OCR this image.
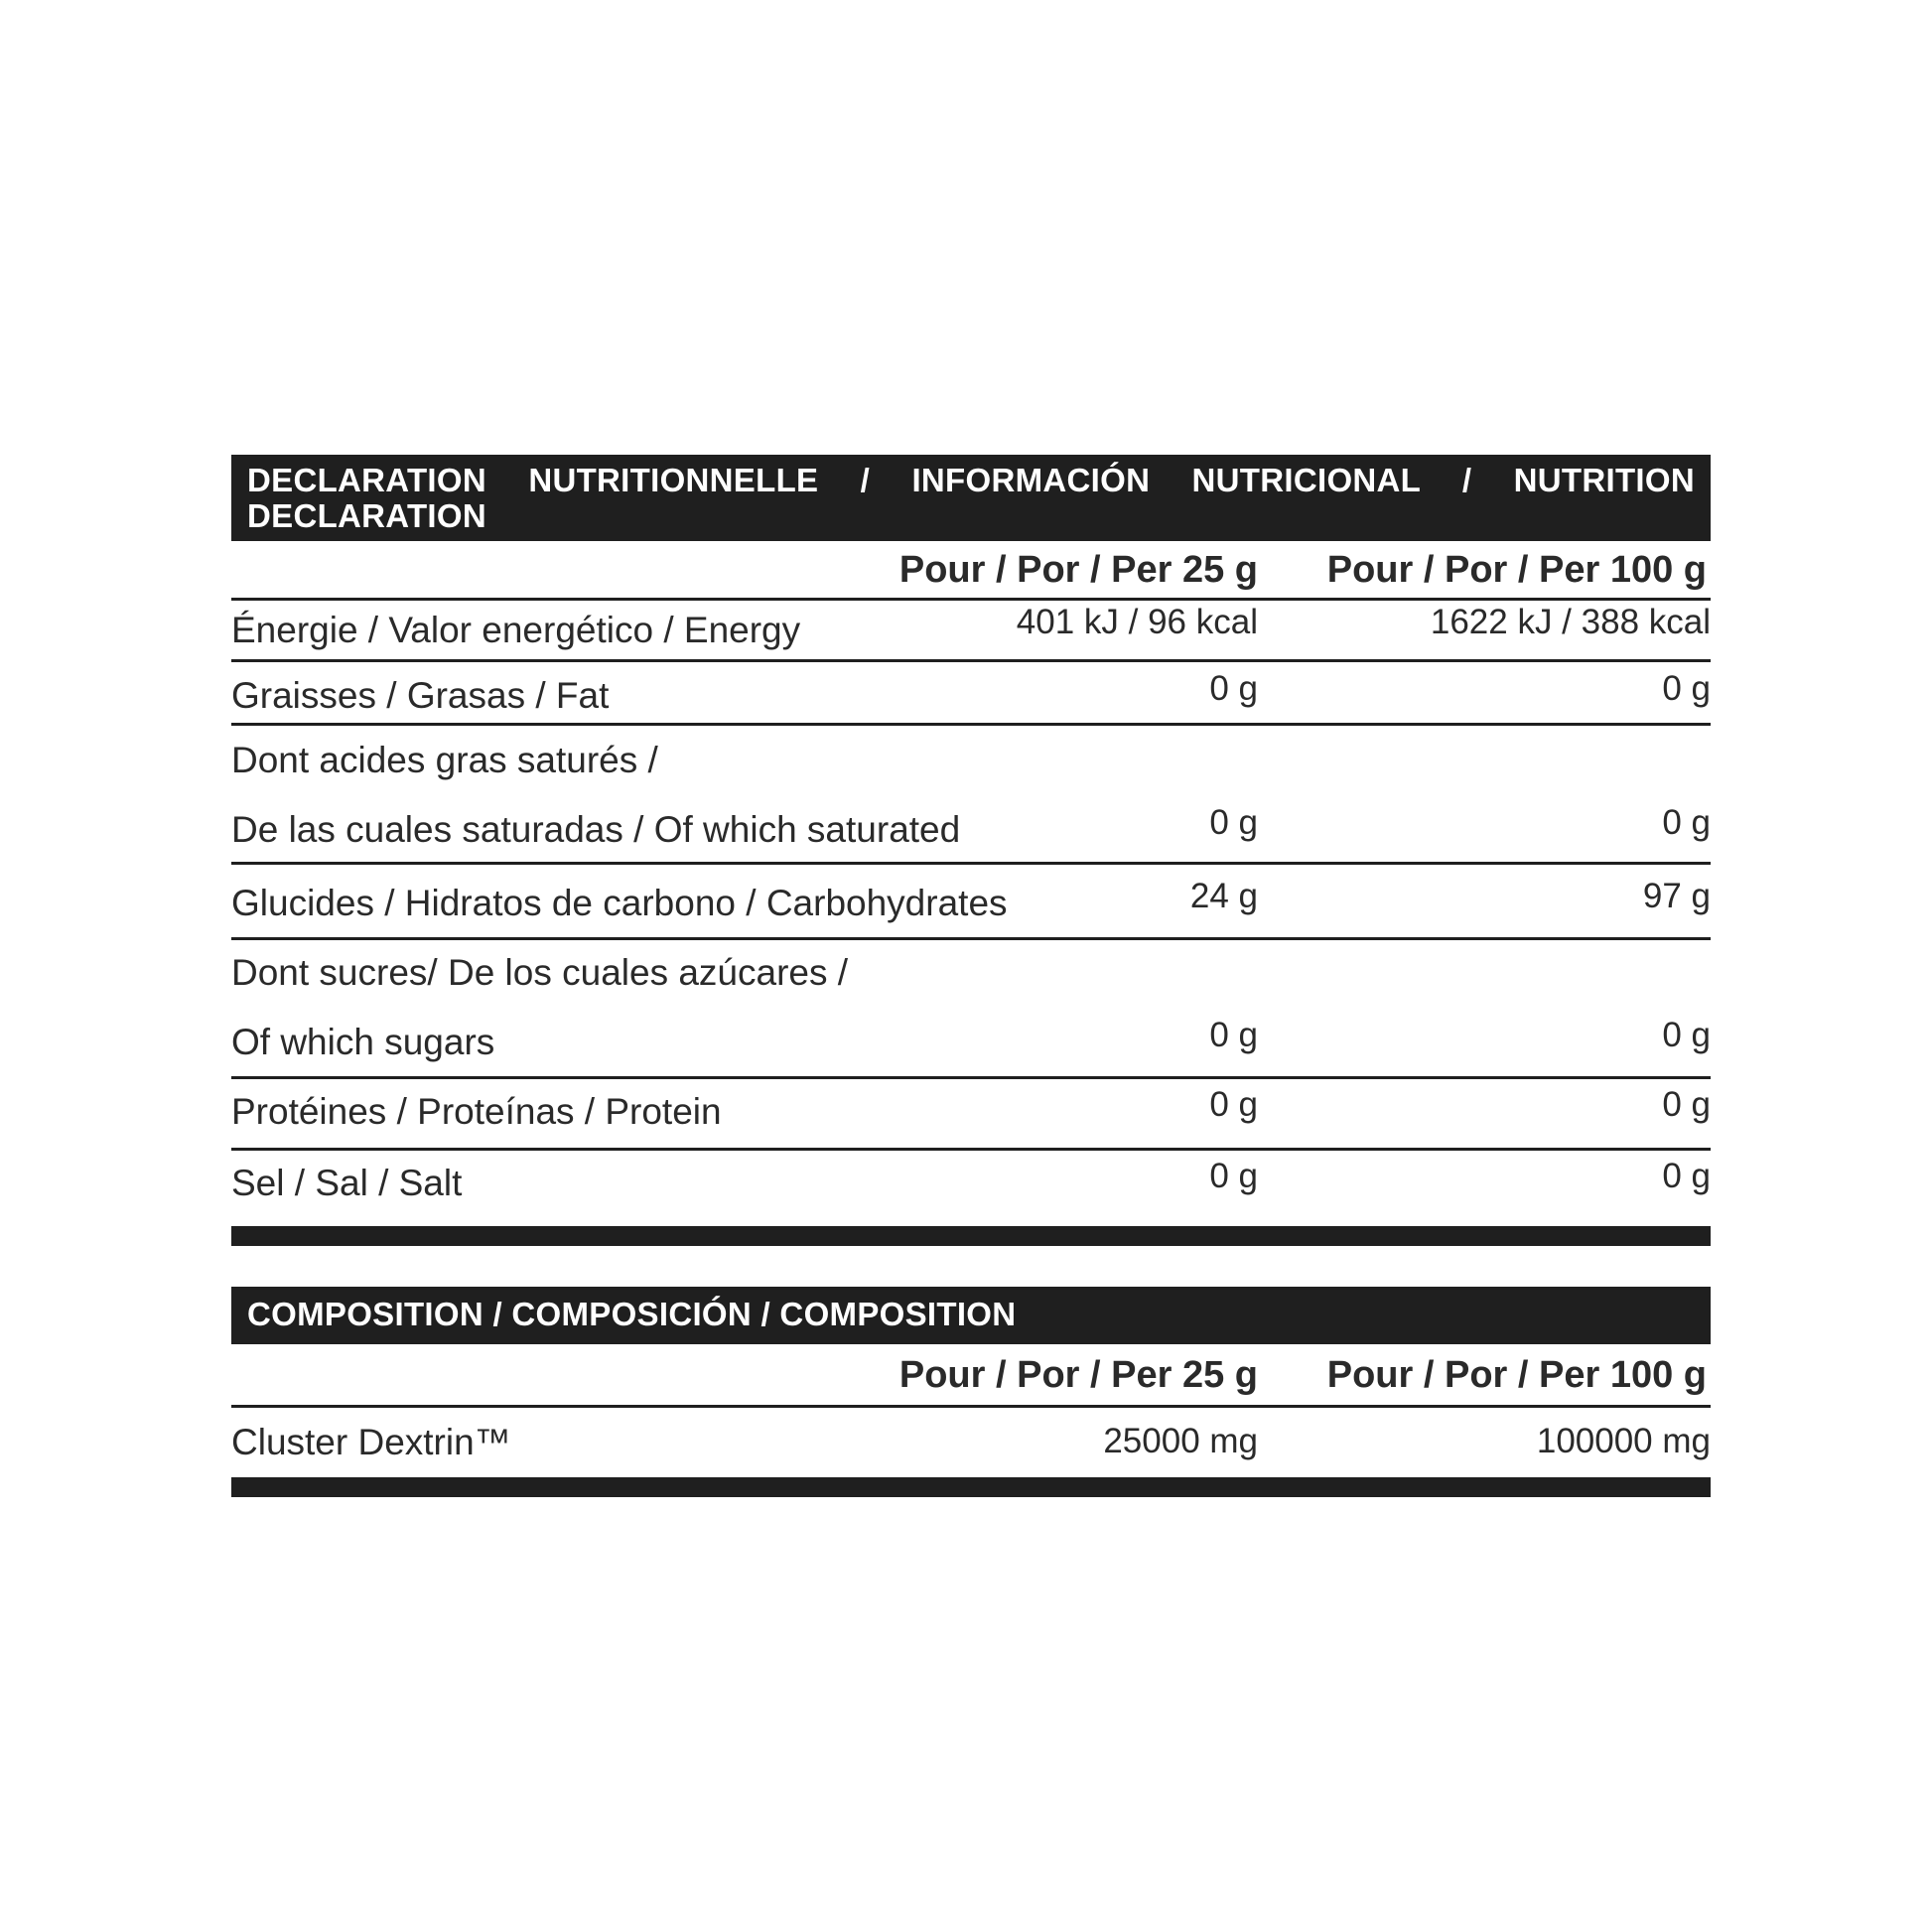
DECLARATION NUTRITIONNELLE / INFORMACIÓN NUTRICIONAL / NUTRITION DECLARATION
Pour / Por / Per 25 g Pour / Por / Per 100 g
Énergie / Valor energético / Energy	401 kJ / 96 kcal	1622 kJ / 388 kcal
Graisses / Grasas / Fat	0 g	0 g
Dont acides gras saturés /
De las cuales saturadas / Of which saturated	0 g	0 g
Glucides / Hidratos de carbono / Carbohydrates	24 g	97 g
Dont sucres/ De los cuales azúcares /
Of which sugars	0 g	0 g
Protéines / Proteínas / Protein	0 g	0 g
Sel / Sal / Salt	0 g	0 g
COMPOSITION / COMPOSICIÓN / COMPOSITION
Pour / Por / Per 25 g Pour / Por / Per 100 g
Cluster Dextrin™	25000 mg	100000 mg
